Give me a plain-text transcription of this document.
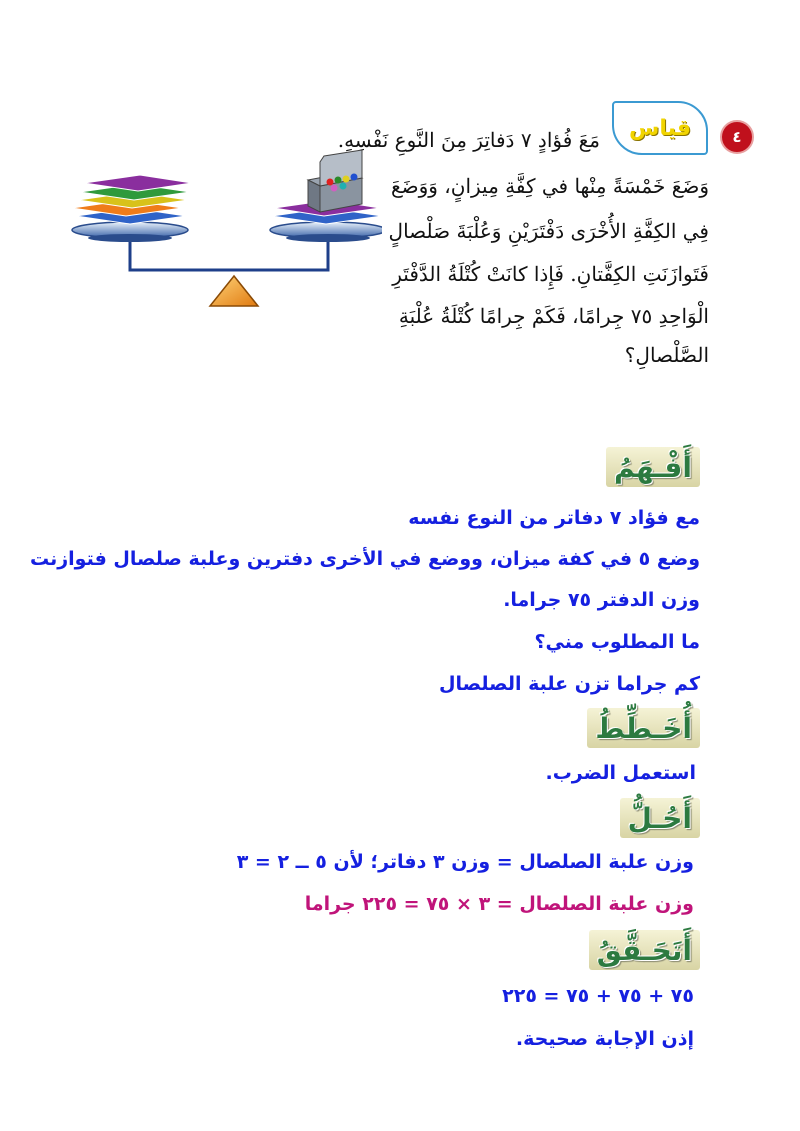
٤
قياس
مَعَ فُؤادٍ ٧ دَفاتِرَ مِنَ النَّوعِ نَفْسِهِ.
وَضَعَ خَمْسَةً مِنْها في كِفَّةِ مِيزانٍ، وَوَضَعَ
فِي الكِفَّةِ الأُخْرَى دَفْتَرَيْنِ وَعُلْبَةَ صَلْصالٍ
فَتَوازَنَتِ الكِفَّتانِ. فَإِذا كانَتْ كُتْلَةُ الدَّفْتَرِ
الْوَاحِدِ ٧٥ جِرامًا، فَكَمْ جِرامًا كُتْلَةُ عُلْبَةِ
الصَّلْصالِ؟
أَفْـهَمُ
مع فؤاد ٧ دفاتر من النوع نفسه
وضع ٥ في كفة ميزان، ووضع في الأخرى دفترين وعلبة صلصال فتوازنت
وزن الدفتر ٧٥ جراما.
ما المطلوب مني؟
كم جراما تزن علبة الصلصال
أُخَـطِّطُ
استعمل الضرب.
أَحُـلُّ
وزن علبة الصلصال = وزن ٣ دفاتر؛ لأن ٥ ــ ٢ = ٣
وزن علبة الصلصال = ٣ × ٧٥ = ٢٢٥ جراما
أَتَحَـقَّقُ
٧٥ + ٧٥ + ٧٥ = ٢٢٥
إذن الإجابة صحيحة.
